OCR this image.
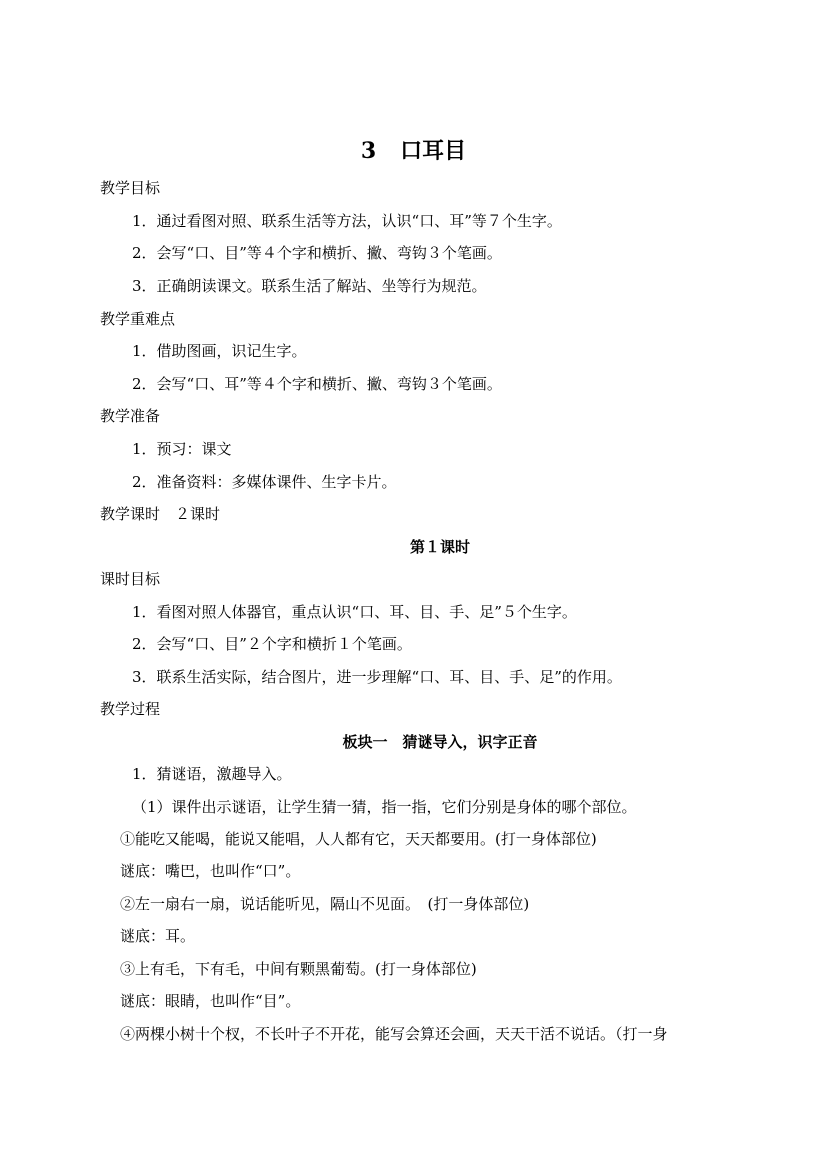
3 口耳目
教学目标
1．通过看图对照、联系生活等方法，认识“口、耳”等７个生字。
2．会写“口、目”等４个字和横折、撇、弯钩３个笔画。
3．正确朗读课文。联系生活了解站、坐等行为规范。
教学重难点
1．借助图画，识记生字。
2．会写“口、耳”等４个字和横折、撇、弯钩３个笔画。
教学准备
1．预习：课文
2．准备资料：多媒体课件、生字卡片。
教学课时　２课时
第１课时
课时目标
1．看图对照人体器官，重点认识“口、耳、目、手、足”５个生字。
2．会写“口、目”２个字和横折１个笔画。
3．联系生活实际，结合图片，进一步理解“口、耳、目、手、足”的作用。
教学过程
板块一　猜谜导入，识字正音
1．猜谜语，激趣导入。
（1）课件出示谜语，让学生猜一猜，指一指，它们分别是身体的哪个部位。
①能吃又能喝，能说又能唱，人人都有它，天天都要用。(打一身体部位)
谜底：嘴巴，也叫作“口”。
②左一扇右一扇，说话能听见，隔山不见面。　(打一身体部位)
谜底：耳。
③上有毛，下有毛，中间有颗黑葡萄。(打一身体部位)
谜底：眼睛，也叫作“目”。
④两棵小树十个杈，不长叶子不开花，能写会算还会画，天天干活不说话。（打一身
